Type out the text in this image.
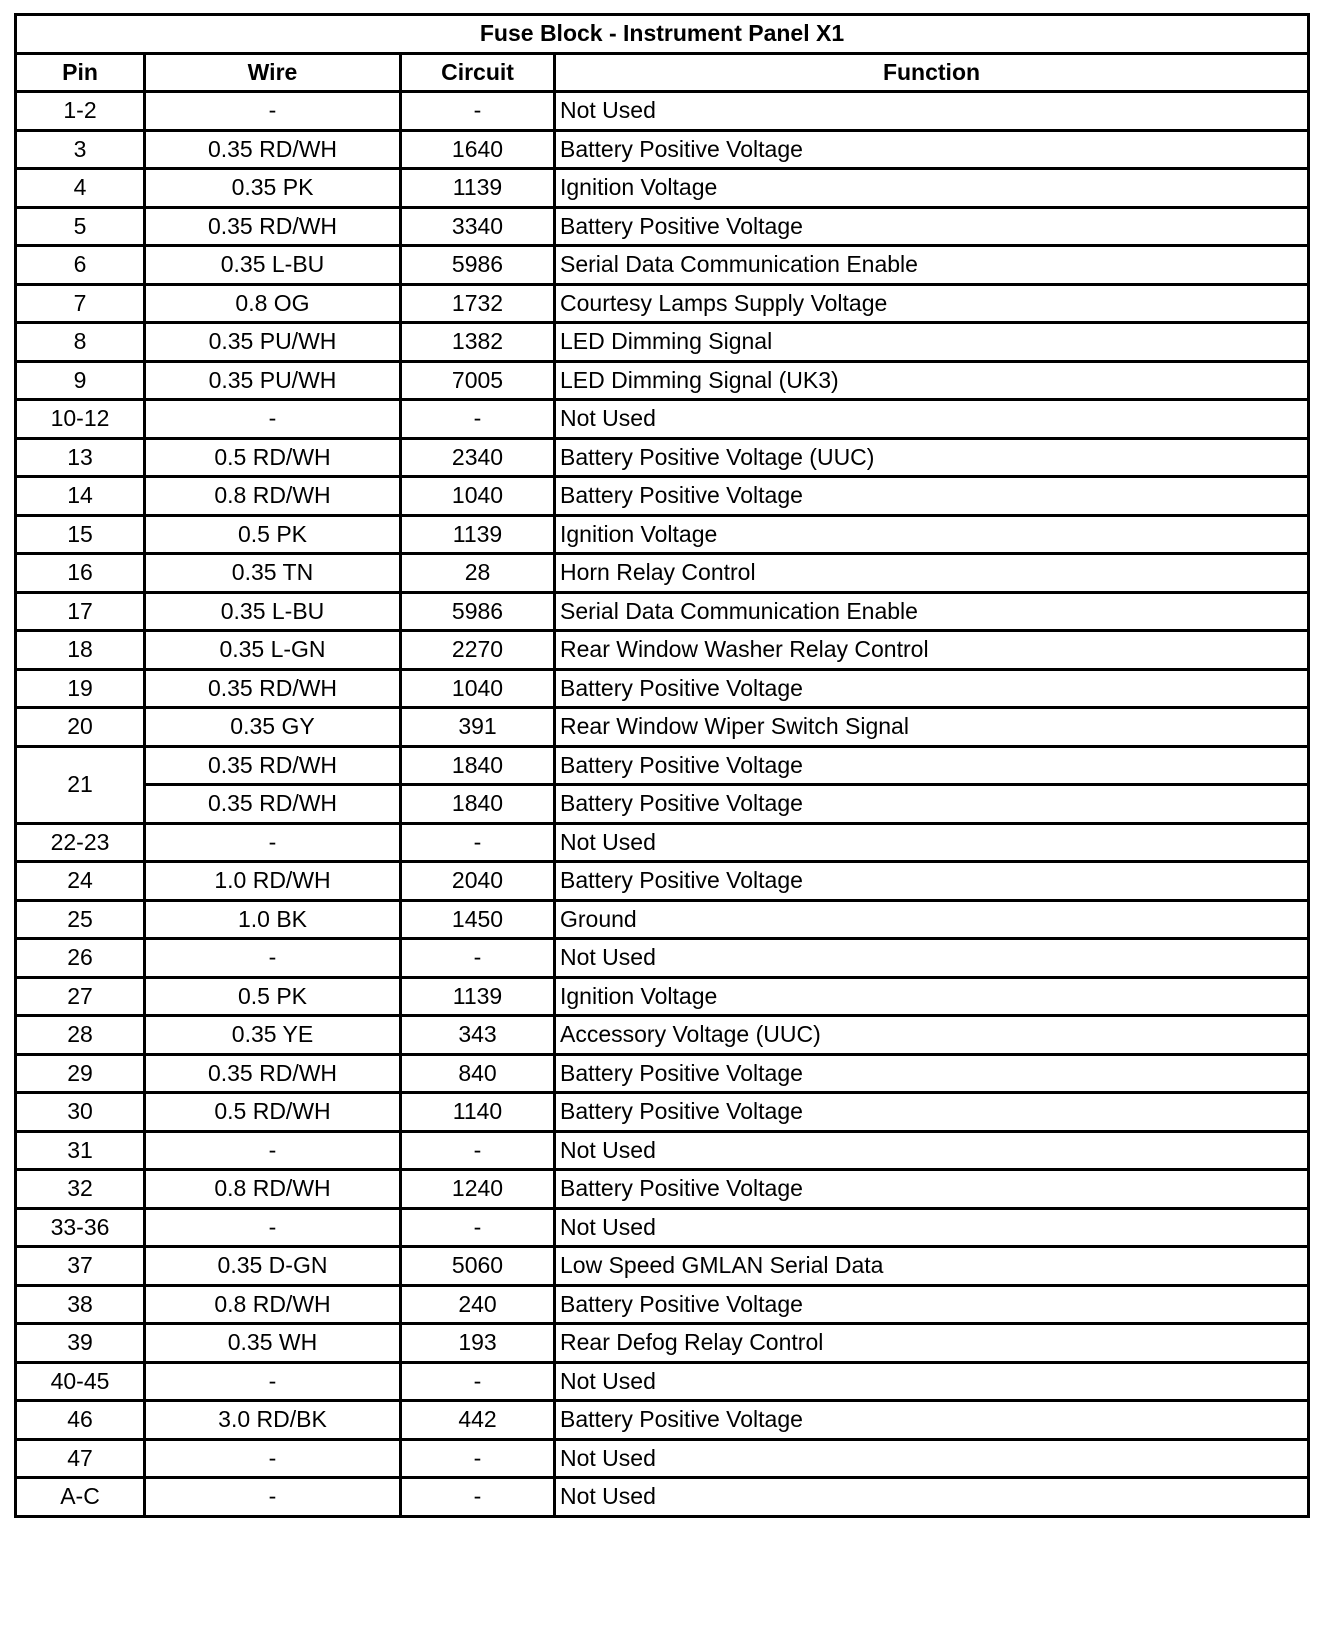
Fuse Block - Instrument Panel X1			
Pin	Wire	Circuit	Function
1-2	-	-	Not Used
3	0.35 RD/WH	1640	Battery Positive Voltage
4	0.35 PK	1139	Ignition Voltage
5	0.35 RD/WH	3340	Battery Positive Voltage
6	0.35 L-BU	5986	Serial Data Communication Enable
7	0.8 OG	1732	Courtesy Lamps Supply Voltage
8	0.35 PU/WH	1382	LED Dimming Signal
9	0.35 PU/WH	7005	LED Dimming Signal (UK3)
10-12	-	-	Not Used
13	0.5 RD/WH	2340	Battery Positive Voltage (UUC)
14	0.8 RD/WH	1040	Battery Positive Voltage
15	0.5 PK	1139	Ignition Voltage
16	0.35 TN	28	Horn Relay Control
17	0.35 L-BU	5986	Serial Data Communication Enable
18	0.35 L-GN	2270	Rear Window Washer Relay Control
19	0.35 RD/WH	1040	Battery Positive Voltage
20	0.35 GY	391	Rear Window Wiper Switch Signal
21	0.35 RD/WH	1840	Battery Positive Voltage
	0.35 RD/WH	1840	Battery Positive Voltage
22-23	-	-	Not Used
24	1.0 RD/WH	2040	Battery Positive Voltage
25	1.0 BK	1450	Ground
26	-	-	Not Used
27	0.5 PK	1139	Ignition Voltage
28	0.35 YE	343	Accessory Voltage (UUC)
29	0.35 RD/WH	840	Battery Positive Voltage
30	0.5 RD/WH	1140	Battery Positive Voltage
31	-	-	Not Used
32	0.8 RD/WH	1240	Battery Positive Voltage
33-36	-	-	Not Used
37	0.35 D-GN	5060	Low Speed GMLAN Serial Data
38	0.8 RD/WH	240	Battery Positive Voltage
39	0.35 WH	193	Rear Defog Relay Control
40-45	-	-	Not Used
46	3.0 RD/BK	442	Battery Positive Voltage
47	-	-	Not Used
A-C	-	-	Not Used
